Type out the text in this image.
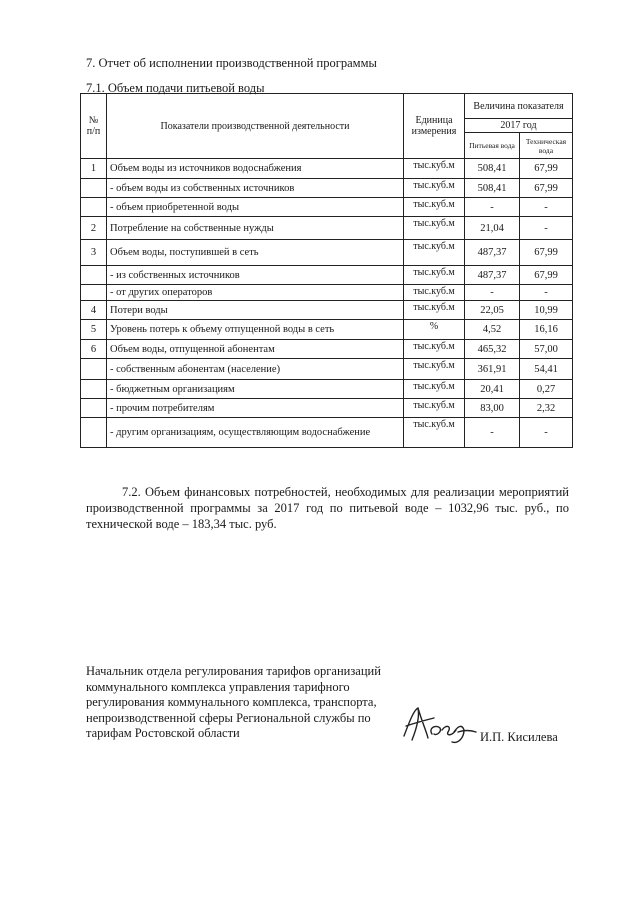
7. Отчет об исполнении производственной программы
7.1. Объем подачи питьевой воды
№ п/п	Показатели производственной деятельности	Единица измерения	Величина показателя	
			2017 год	
			Питьевая вода	Техническая вода
1	Объем воды из источников водоснабжения	тыс.куб.м	508,41	67,99
	- объем воды из собственных источников	тыс.куб.м	508,41	67,99
	- объем приобретенной воды	тыс.куб.м	-	-
2	Потребление на собственные нужды	тыс.куб.м	21,04	-
3	Объем воды, поступившей в сеть	тыс.куб.м	487,37	67,99
	- из собственных источников	тыс.куб.м	487,37	67,99
	- от других операторов	тыс.куб.м	-	-
4	Потери воды	тыс.куб.м	22,05	10,99
5	Уровень потерь к объему отпущенной воды в сеть	%	4,52	16,16
6	Объем воды, отпущенной абонентам	тыс.куб.м	465,32	57,00
	- собственным абонентам (население)	тыс.куб.м	361,91	54,41
	- бюджетным организациям	тыс.куб.м	20,41	0,27
	- прочим потребителям	тыс.куб.м	83,00	2,32
	- другим организациям, осуществляющим водоснабжение	тыс.куб.м	-	-
7.2. Объем финансовых потребностей, необходимых для реализации мероприятий производственной программы за 2017 год по питьевой воде – 1032,96 тыс. руб., по технической воде – 183,34 тыс. руб.
Начальник отдела регулирования тарифов организаций коммунального комплекса управления тарифного регулирования коммунального комплекса, транспорта, непроизводственной сферы Региональной службы по тарифам Ростовской области	И.П. Кисилева
